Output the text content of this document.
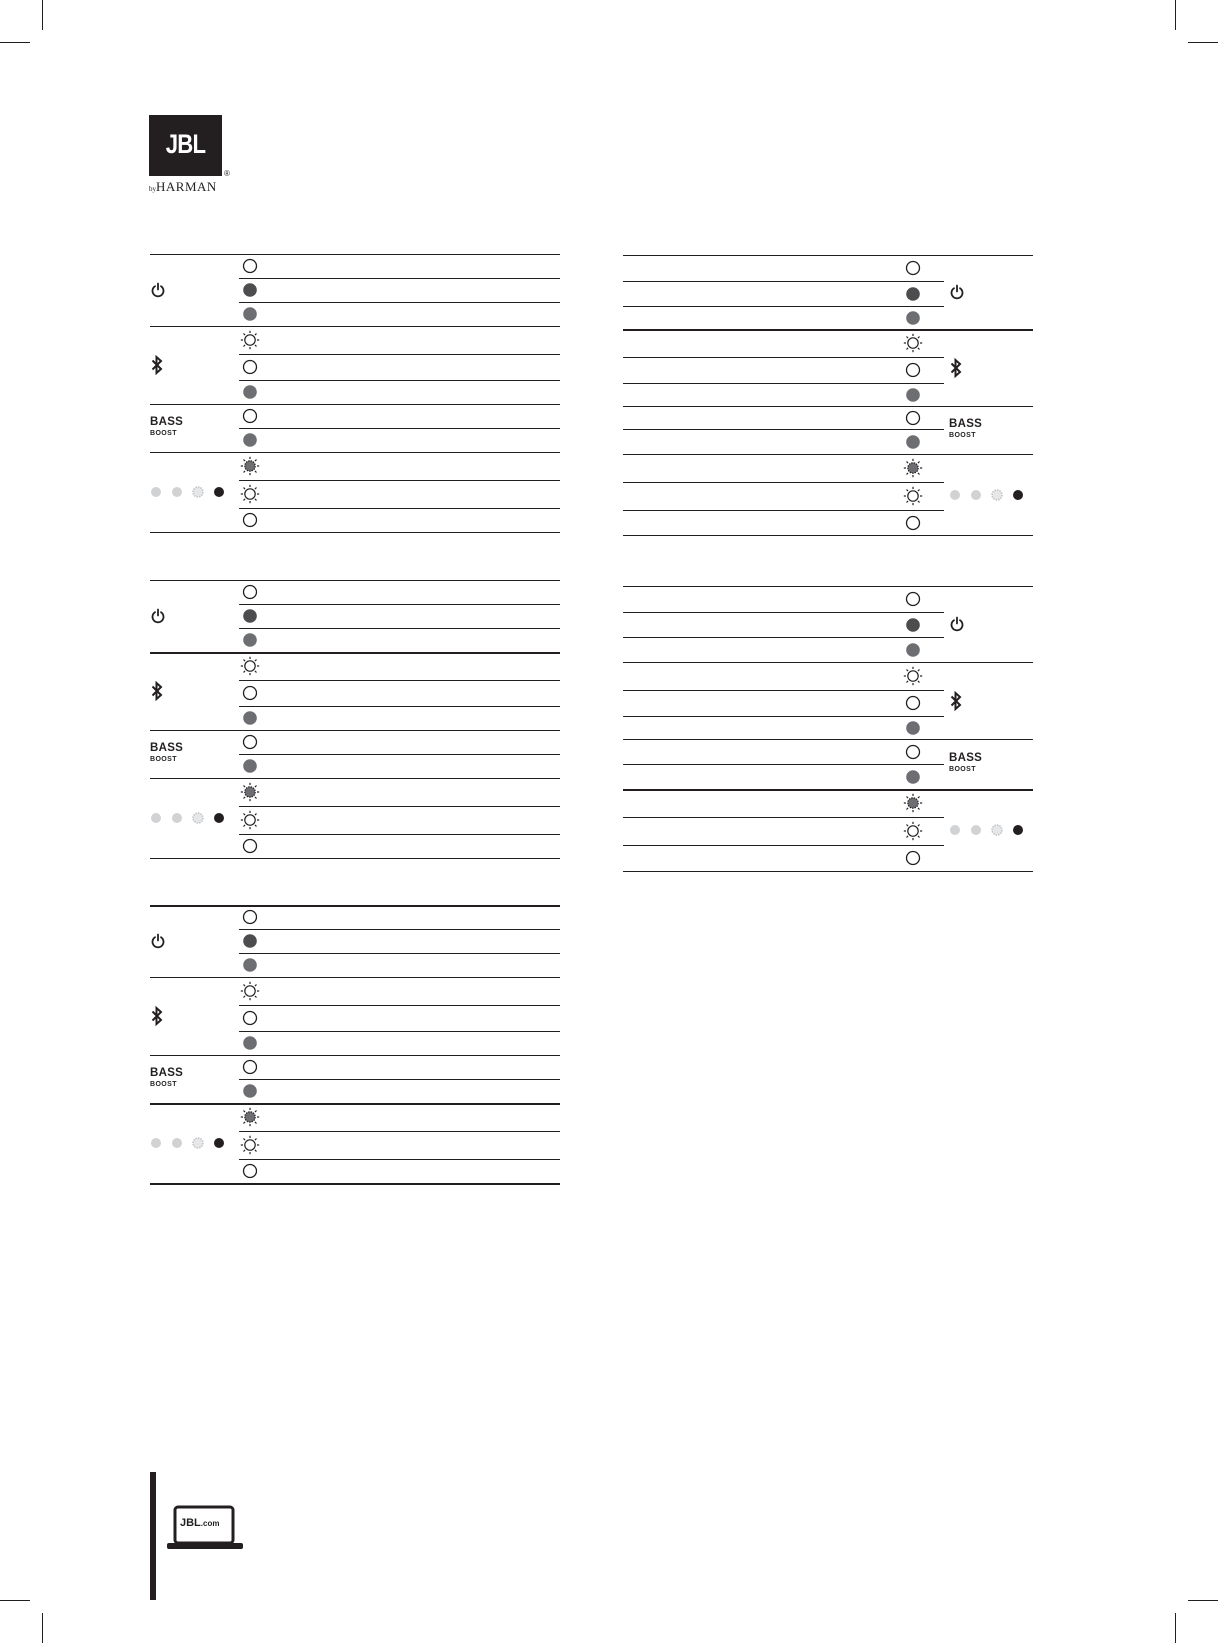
JBL
®
byHARMAN
BASS
BOOST
BASS
BOOST
BASS
BOOST
BASS
BOOST
BASS
BOOST
JBL.com
